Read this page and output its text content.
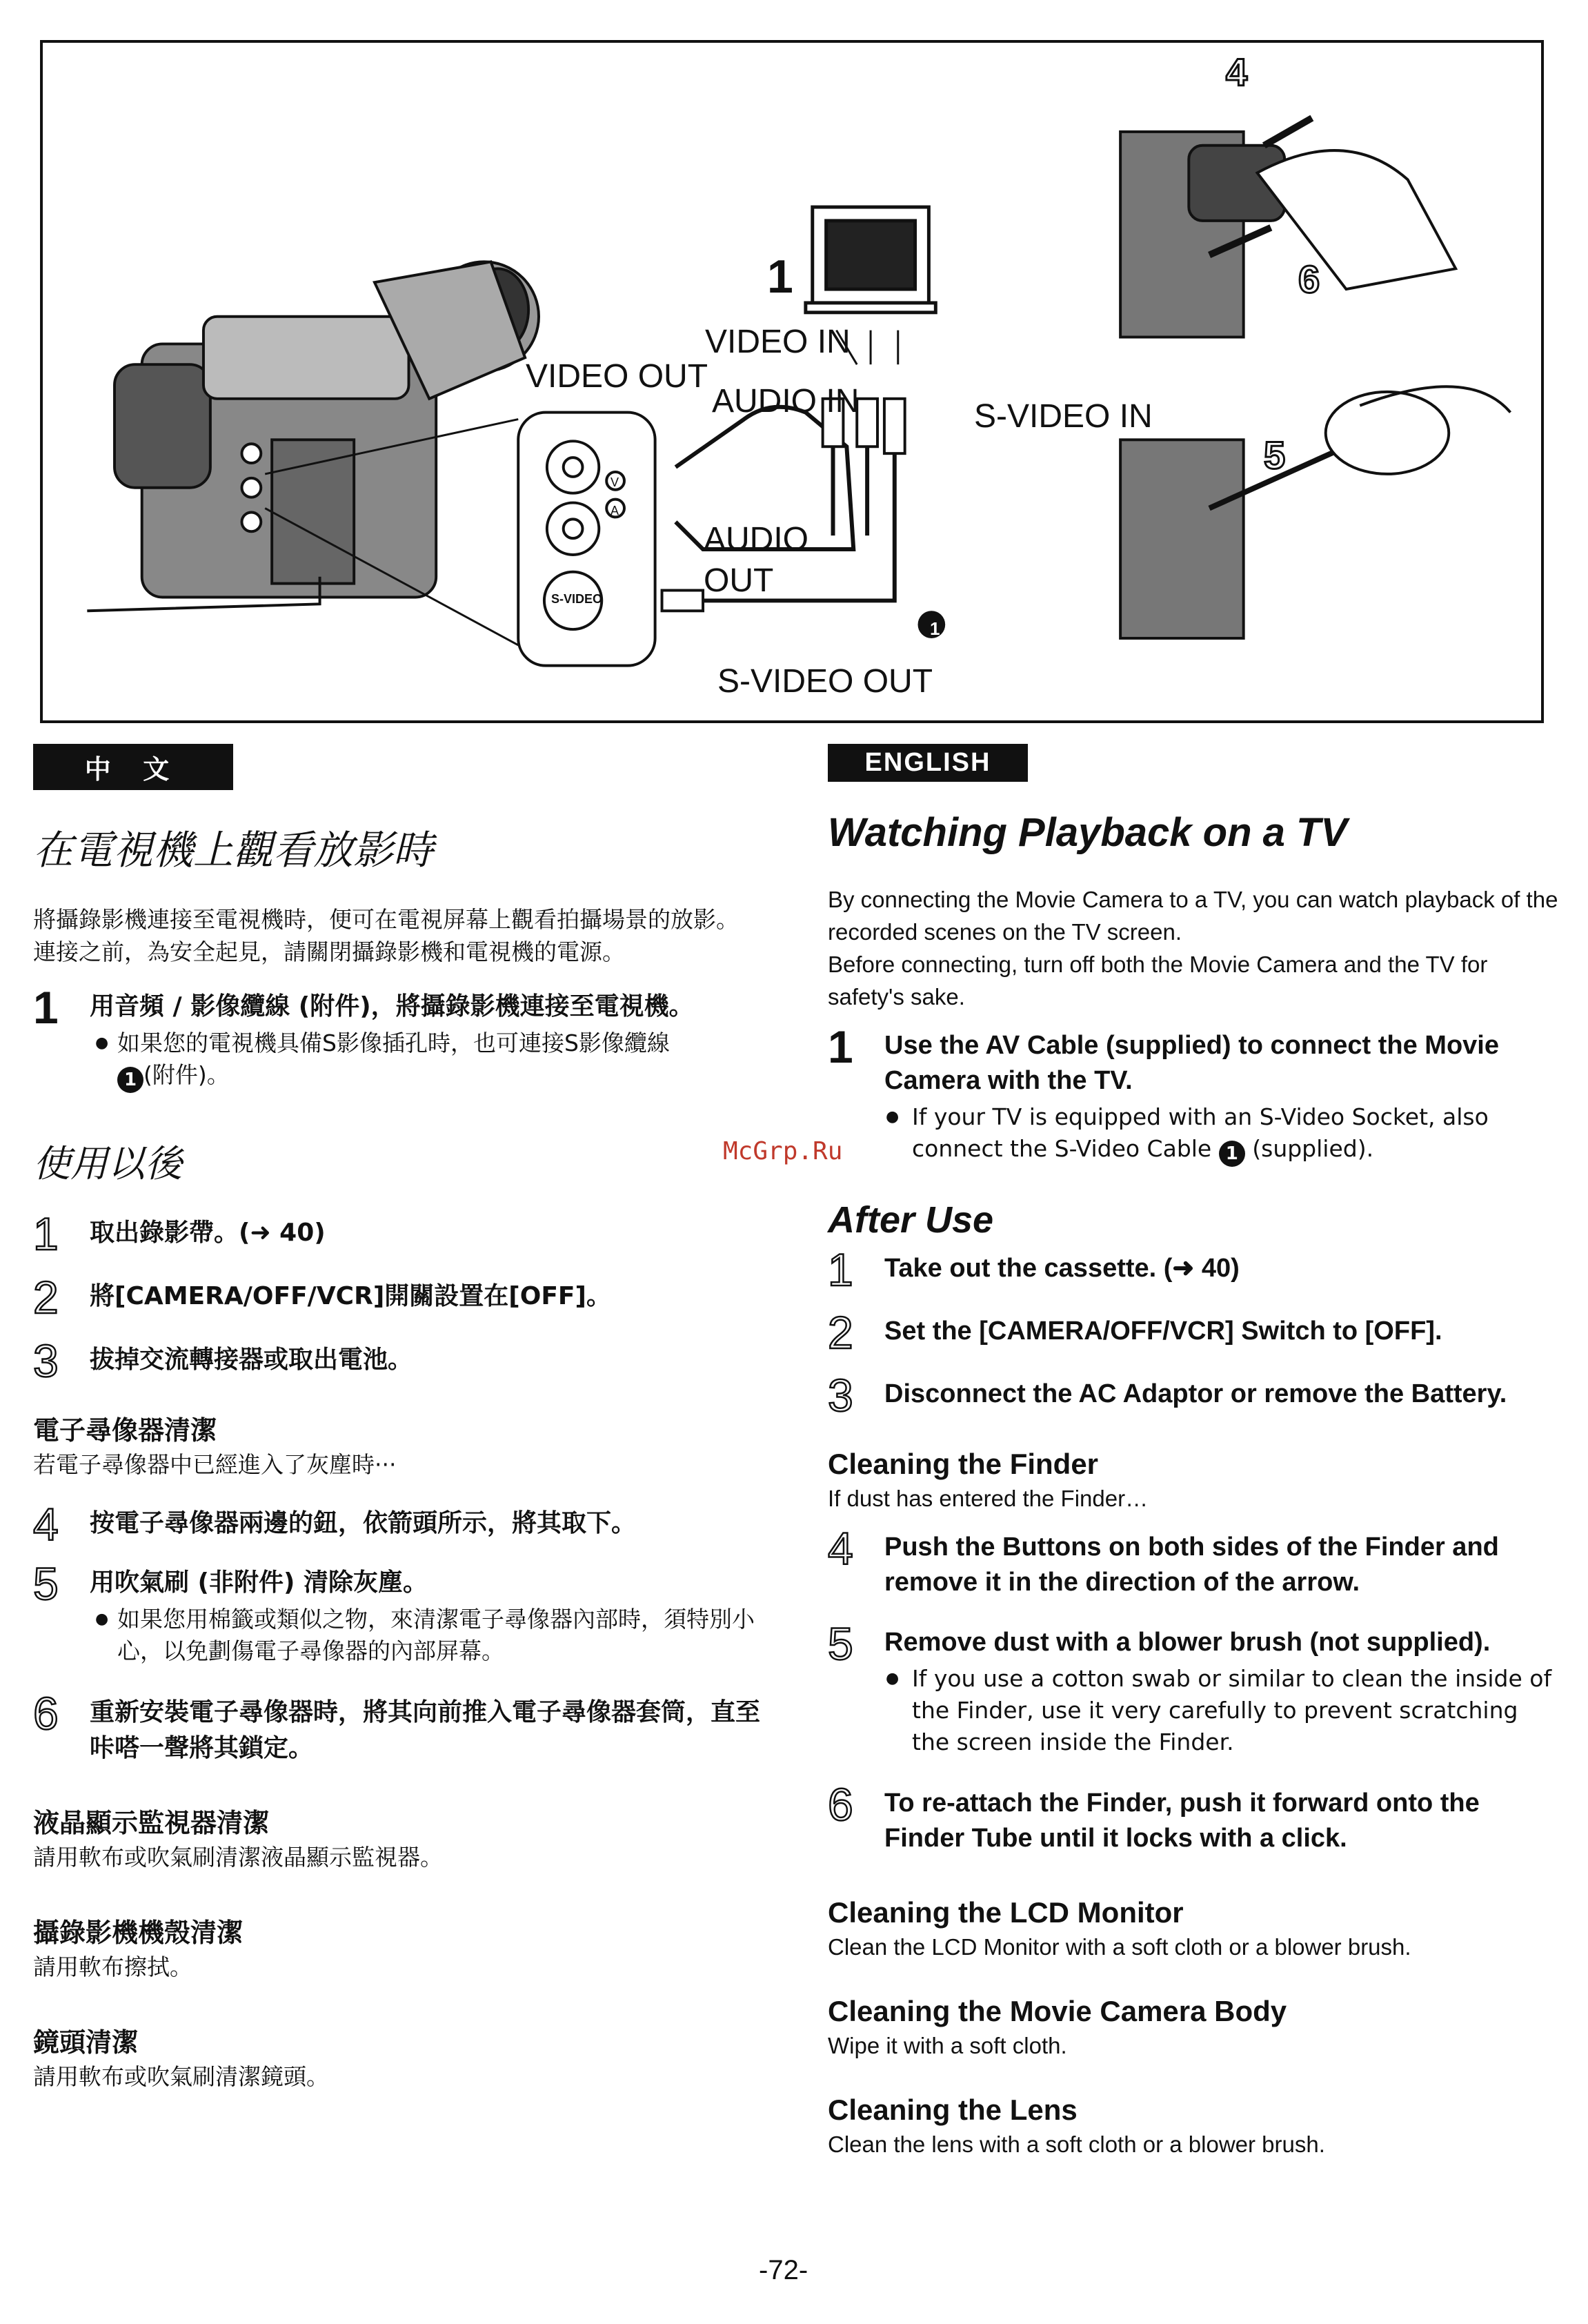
1
4
6
5
VIDEO IN
VIDEO OUT
AUDIO IN	S-VIDEO IN
AUDIO
OUT
S-VIDEO OUT
S-VIDEO
V
A
1
中 文
在電視機上觀看放影時

將攝錄影機連接至電視機時，便可在電視屏幕上觀看拍攝場景的放影。

連接之前，為安全起見，請關閉攝錄影機和電視機的電源。

1 用音頻 / 影像纜線 (附件)，將攝錄影機連接至電視機。
● 如果您的電視機具備S影像插孔時，也可連接S影像纜線
1 (附件)。
使用以後
1 取出錄影帶。(➜ 40)
2 將[CAMERA/OFF/VCR]開關設置在[OFF]。
3 拔掉交流轉接器或取出電池。
電子尋像器清潔

若電子尋像器中已經進入了灰塵時···

4 按電子尋像器兩邊的鈕，依箭頭所示，將其取下。
5 用吹氣刷 (非附件) 清除灰塵。
● 如果您用棉籤或類似之物，來清潔電子尋像器內部時，須特別小心，以免劃傷電子尋像器的內部屏幕。
6 重新安裝電子尋像器時，將其向前推入電子尋像器套筒，直至咔嗒一聲將其鎖定。
液晶顯示監視器清潔

請用軟布或吹氣刷清潔液晶顯示監視器。

攝錄影機機殼清潔

請用軟布擦拭。

鏡頭清潔

請用軟布或吹氣刷清潔鏡頭。

ENGLISH
Watching Playback on a TV

By connecting the Movie Camera to a TV, you can watch playback of the recorded scenes on the TV screen.

Before connecting, turn off both the Movie Camera and the TV for safety's sake.

1 Use the AV Cable (supplied) to connect the Movie Camera with the TV.
● If your TV is equipped with an S-Video Socket, also connect the S-Video Cable 1 (supplied).
After Use
1 Take out the cassette. (➜ 40)
2 Set the [CAMERA/OFF/VCR] Switch to [OFF].
3 Disconnect the AC Adaptor or remove the Battery.
Cleaning the Finder

If dust has entered the Finder…

4 Push the Buttons on both sides of the Finder and remove it in the direction of the arrow.
5 Remove dust with a blower brush (not supplied).
● If you use a cotton swab or similar to clean the inside of the Finder, use it very carefully to prevent scratching the screen inside the Finder.
6 To re-attach the Finder, push it forward onto the Finder Tube until it locks with a click.
Cleaning the LCD Monitor

Clean the LCD Monitor with a soft cloth or a blower brush.

Cleaning the Movie Camera Body

Wipe it with a soft cloth.

Cleaning the Lens

Clean the lens with a soft cloth or a blower brush.

McGrp.Ru
-72-
